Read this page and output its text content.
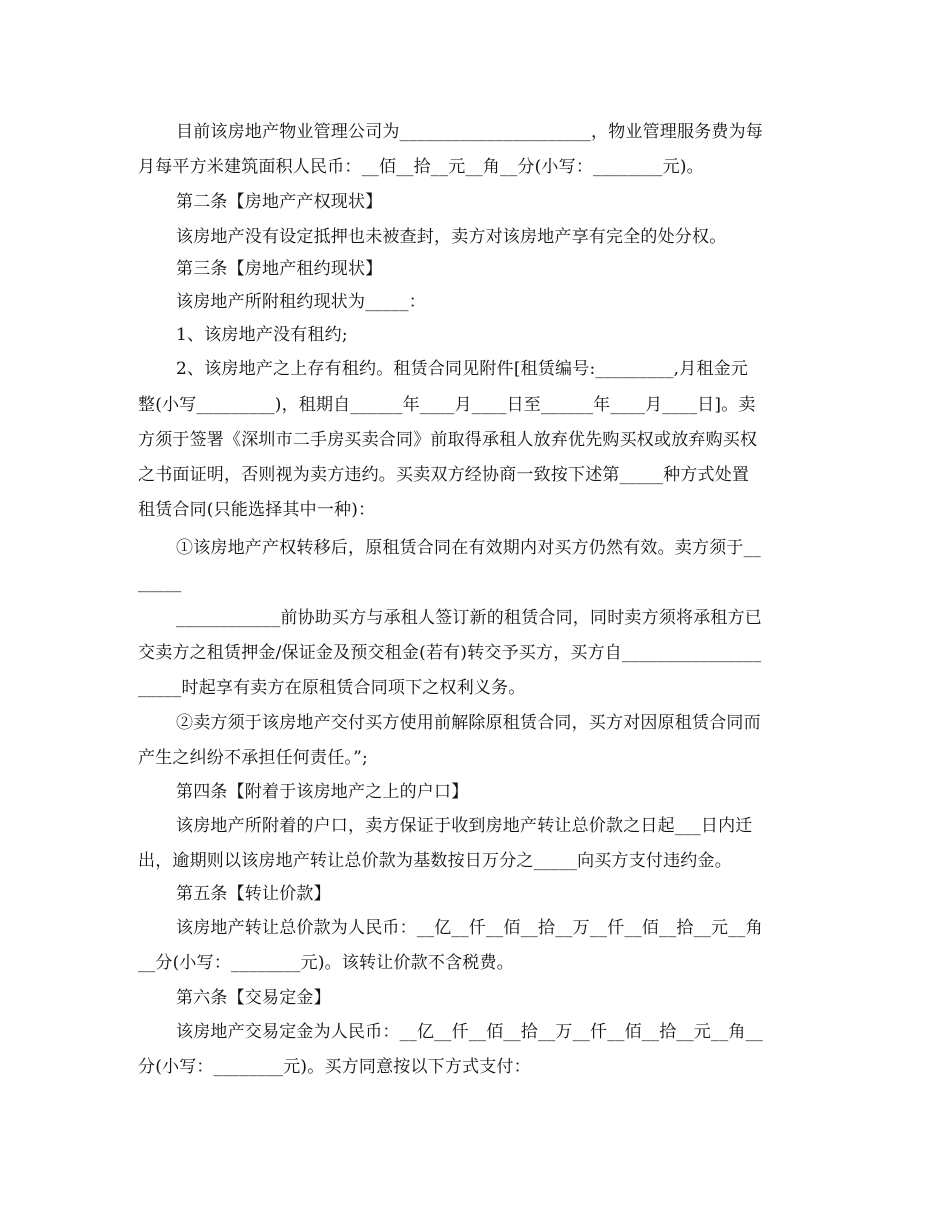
目前该房地产物业管理公司为______________________，物业管理服务费为每
月每平方米建筑面积人民币：__佰__拾__元__角__分(小写：________元)。
第二条【房地产产权现状】
该房地产没有设定抵押也未被查封，卖方对该房地产享有完全的处分权。
第三条【房地产租约现状】
该房地产所附租约现状为_____：
1、该房地产没有租约;
2、该房地产之上存有租约。租赁合同见附件[租赁编号:_________,月租金元
整(小写_________)，租期自______年____月____日至______年____月____日]。卖
方须于签署《深圳市二手房买卖合同》前取得承租人放弃优先购买权或放弃购买权
之书面证明，否则视为卖方违约。买卖双方经协商一致按下述第_____种方式处置
租赁合同(只能选择其中一种)：
①该房地产产权转移后，原租赁合同在有效期内对买方仍然有效。卖方须于__
_____
____________前协助买方与承租人签订新的租赁合同，同时卖方须将承租方已
交卖方之租赁押金/保证金及预交租金(若有)转交予买方，买方自________________
_____时起享有卖方在原租赁合同项下之权利义务。
②卖方须于该房地产交付买方使用前解除原租赁合同，买方对因原租赁合同而
产生之纠纷不承担任何责任。”;
第四条【附着于该房地产之上的户口】
该房地产所附着的户口，卖方保证于收到房地产转让总价款之日起___日内迁
出，逾期则以该房地产转让总价款为基数按日万分之_____向买方支付违约金。
第五条【转让价款】
该房地产转让总价款为人民币：__亿__仟__佰__拾__万__仟__佰__拾__元__角
__分(小写：________元)。该转让价款不含税费。
第六条【交易定金】
该房地产交易定金为人民币：__亿__仟__佰__拾__万__仟__佰__拾__元__角__
分(小写：________元)。买方同意按以下方式支付：
